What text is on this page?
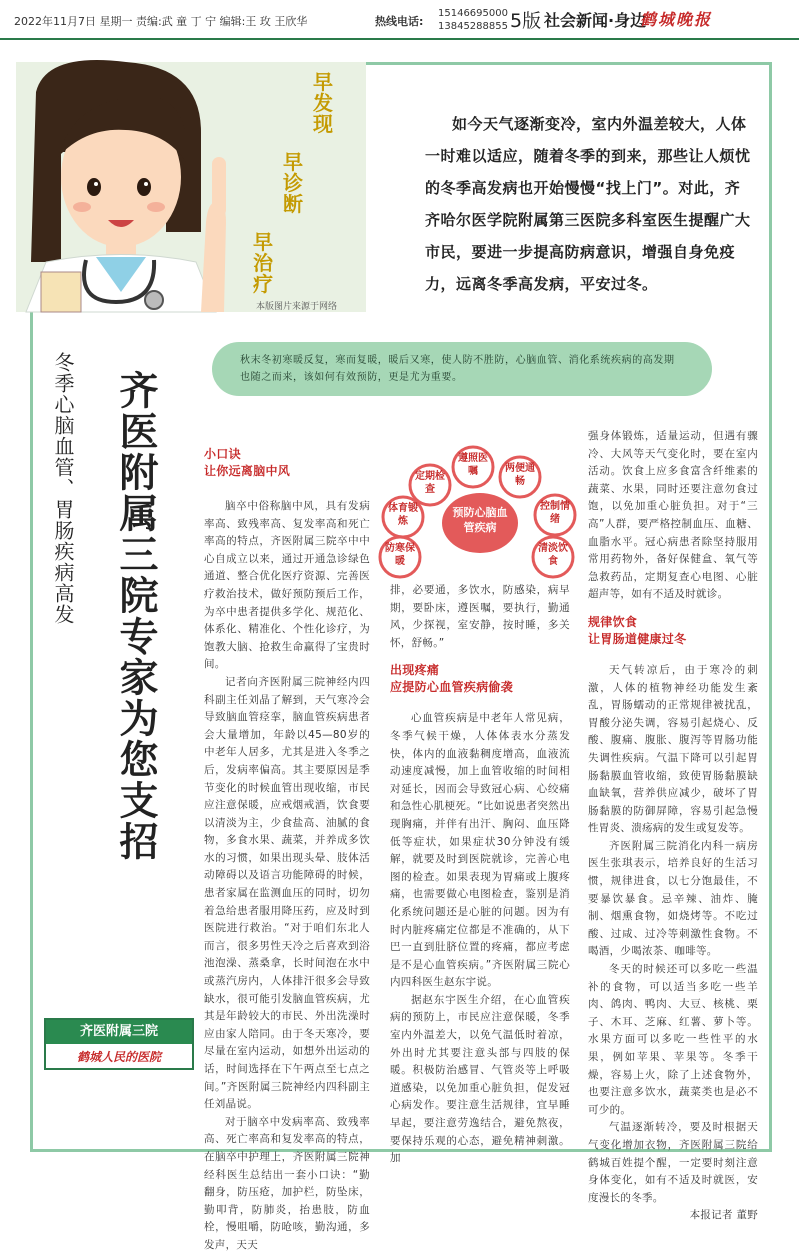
2022年11月7日 星期一 责编:武 童 丁 宁 编辑:王 玫 王欣华	热线电话:
15146695000
13845288855 5版 社会新闻·身边
鹤城晚报
早发现
早诊断
早治疗
本版图片来源于网络
如今天气逐渐变冷，室内外温差较大，人体一时难以适应，随着冬季的到来，那些让人烦忧的冬季高发病也开始慢慢“找上门”。对此，齐齐哈尔医学院附属第三医院多科室医生提醒广大市民，要进一步提高防病意识，增强自身免疫力，远离冬季高发病，平安过冬。
秋末冬初寒暖反复，寒而复暖，暖后又寒，使人防不胜防，心脑血管、消化系统疾病的高发期也随之而来，该如何有效预防，更是尤为重要。
冬季心脑血管、胃肠疾病高发 齐医附属三院专家为您支招
齐医附属三院
鹤城人民的医院
小口诀
让你远离脑中风

脑卒中俗称脑中风，具有发病率高、致残率高、复发率高和死亡率高的特点，齐医附属三院卒中中心自成立以来，通过开通急诊绿色通道、整合优化医疗资源、完善医疗救治技术，做好预防预后工作，为卒中患者提供多学化、规范化、体系化、精准化、个性化诊疗，为饱教大脑、抢救生命赢得了宝贵时间。

记者向齐医附属三院神经内四科副主任刘晶了解到，天气寒冷会导致脑血管痉挛，脑血管疾病患者会大量增加，年龄以45—80岁的中老年人居多，尤其是进入冬季之后，发病率偏高。其主要原因是季节变化的时候血管出现收缩，市民应注意保暖，应戒烟戒酒，饮食要以清淡为主，少食盐高、油腻的食物，多食水果、蔬菜，并养成多饮水的习惯，如果出现头晕、肢体活动障碍以及语言功能障碍的时候，患者家属在监测血压的同时，切勿着急给患者服用降压药，应及时到医院进行救治。“对于咱们东北人而言，很多男性天冷之后喜欢到浴池泡澡、蒸桑拿，长时间泡在水中或蒸汽房内，人体排汗很多会导致缺水，很可能引发脑血管疾病，尤其是年龄较大的市民、外出洗澡时应由家人陪同。由于冬天寒冷，要尽量在室内运动，如想外出运动的话，时间选择在下午两点至七点之间。”齐医附属三院神经内四科副主任刘晶说。

对于脑卒中发病率高、致残率高、死亡率高和复发率高的特点，在脑卒中护理上，齐医附属三院神经科医生总结出一套小口诀：“勤翻身，防压疮，加护栏，防坠床，勤叩背，防肺炎，抬患肢，防血栓，慢咀嚼，防呛咳，勤沟通，多发声，天天

预防心脑血管疾病
定期检查
遵照医嘱	两便通畅
控制情绪
清淡饮食
防寒保暖
体育锻炼

排，必要通，多饮水，防感染，病早期，要卧床，遵医嘱，要执行，勤通风，少探视，室安静，按时睡，多关怀，舒畅。”

出现疼痛
应提防心血管疾病偷袭

心血管疾病是中老年人常见病，冬季气候干燥，人体体表水分蒸发快，体内的血液黏稠度增高，血液流动速度减慢，加上血管收缩的时间相对延长，因而会导致冠心病、心绞痛和急性心肌梗死。“比如说患者突然出现胸痛，并伴有出汗、胸闷、血压降低等症状，如果症状30分钟没有缓解，就要及时到医院就诊，完善心电图的检查。如果表现为胃痛或上腹疼痛，也需要做心电图检查，鉴别是消化系统问题还是心脏的问题。因为有时内脏疼痛定位都是不准确的，从下巴一直到肚脐位置的疼痛，都应考虑是不是心血管疾病。”齐医附属三院心内四科医生赵东宇说。

据赵东宇医生介绍，在心血管疾病的预防上，市民应注意保暖，冬季室内外温差大，以免气温低时着凉，外出时尤其要注意头部与四肢的保暖。积极防治感冒、气管炎等上呼吸道感染，以免加重心脏负担，促发冠心病发作。要注意生活规律，宜早睡早起，要注意劳逸结合，避免熬夜，要保持乐观的心态，避免精神刺激。加

强身体锻炼，适量运动，但遇有骤冷、大风等天气变化时，要在室内活动。饮食上应多食富含纤维素的蔬菜、水果，同时还要注意勿食过饱，以免加重心脏负担。对于“三高”人群，要严格控制血压、血糖、血脂水平。冠心病患者除坚持服用常用药物外，备好保健盒、氧气等急救药品，定期复查心电图、心脏超声等，如有不适及时就诊。

规律饮食
让胃肠道健康过冬

天气转凉后，由于寒冷的刺激，人体的植物神经功能发生紊乱，胃肠蠕动的正常规律被扰乱，胃酸分泌失调，容易引起烧心、反酸、腹痛、腹胀、腹泻等胃肠功能失调性疾病。气温下降可以引起胃肠黏膜血管收缩，致使胃肠黏膜缺血缺氧，营养供应减少，破坏了胃肠黏膜的防御屏障，容易引起急慢性胃炎、溃疡病的发生或复发等。

齐医附属三院消化内科一病房医生张琪表示，培养良好的生活习惯，规律进食，以七分饱最佳，不要暴饮暴食。忌辛辣、油炸、腌制、烟熏食物，如烧烤等。不吃过酸、过咸、过冷等刺激性食物。不喝酒，少喝浓茶、咖啡等。

冬天的时候还可以多吃一些温补的食物，可以适当多吃一些羊肉、鸽肉、鸭肉、大豆、核桃、栗子、木耳、芝麻、红薯、萝卜等。水果方面可以多吃一些性平的水果，例如苹果、苹果等。冬季干燥，容易上火，除了上述食物外，也要注意多饮水，蔬菜类也是必不可少的。

气温逐渐转冷，要及时根据天气变化增加衣物，齐医附属三院给鹤城百姓提个醒，一定要时刻注意身体变化，如有不适及时就医，安度漫长的冬季。

本报记者 董野
